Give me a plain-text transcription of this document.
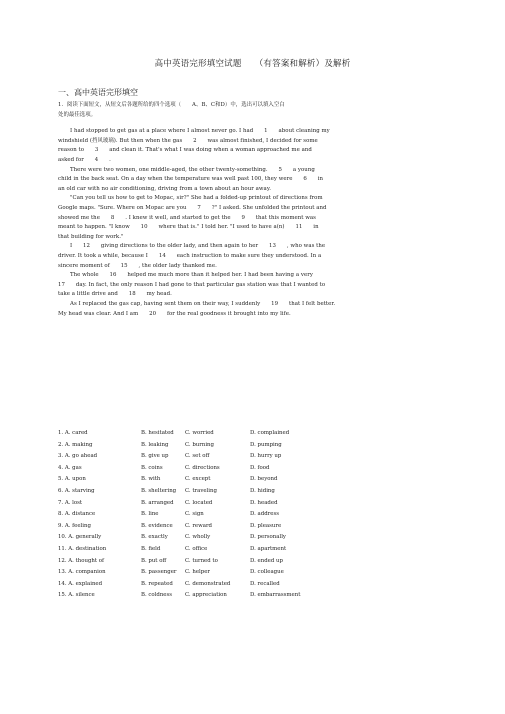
高中英语完形填空试题　　（有答案和解析）及解析
一、高中英语完形填空
1．阅读下面短文，从短文后各题所给的四个选项（　　A、B、C和D）中，选出可以填入空白
处的最佳选项。
I had stopped to get gas at a place where I almost never go. I had　　1　　about cleaning my
windshield (挡风玻璃). But then when the gas　　2　　was almost finished, I decided for some
reason to　　3　　and clean it. That's what I was doing when a woman approached me and
asked for　　4　　.
There were two women, one middle-aged, the other twenty-something.　　5　　a young
child in the back seat. On a day when the temperature was well past 100, they were　　6　　in
an old car with no air conditioning, driving from a town about an hour away.
"Can you tell us how to get to Mopac, sir?" She had a folded-up printout of directions from
Google maps. "Sure. Where on Mopac are you　　7　　?" I asked. She unfolded the printout and
showed me the　　8　　. I knew it well, and started to get the　　9　　that this moment was
meant to happen. "I know　　10　　where that is." I told her. "I used to have a(n)　　11　　in
that building for work."
I　　12　　giving directions to the older lady, and then again to her　　13　　, who was the
driver. It took a while, because I　　14　　each instruction to make sure they understood. In a
sincere moment of　　15　　, the older lady thanked me.
The whole　　16　　helped me much more than it helped her. I had been having a very
17　　day. In fact, the only reason I had gone to that particular gas station was that I wanted to
take a little drive and　　18　　my head.
As I replaced the gas cap, having sent them on their way, I suddenly　　19　　that I felt better.
My head was clear. And I am　　20　　for the real goodness it brought into my life.
1. A. cared	B. hesitated C. worried	D. complained
2. A. making	B. leaking	C. burning	D. pumping
3. A. go ahead	B. give up	C. set off	D. hurry up
4. A. gas	B. coins	C. directions	D. food
5. A. upon	B. with	C. except	D. beyond
6. A. starving	B. sheltering C. traveling	D. hiding
7. A. lost	B. arranged C. located	D. headed
8. A. distance	B. line	C. sign	D. address
9. A. feeling	B. evidence C. reward	D. pleasure
10. A. generally	B. exactly	C. wholly	D. personally
11. A. destination	B. field	C. office	D. apartment
12. A. thought of	B. put off	C. turned to	D. ended up
13. A. companion	B. passenger C. helper	D. colleague
14. A. explained	B. repeated C. demonstrated	D. recalled
15. A. silence	B. coldness C. appreciation	D. embarrassment
